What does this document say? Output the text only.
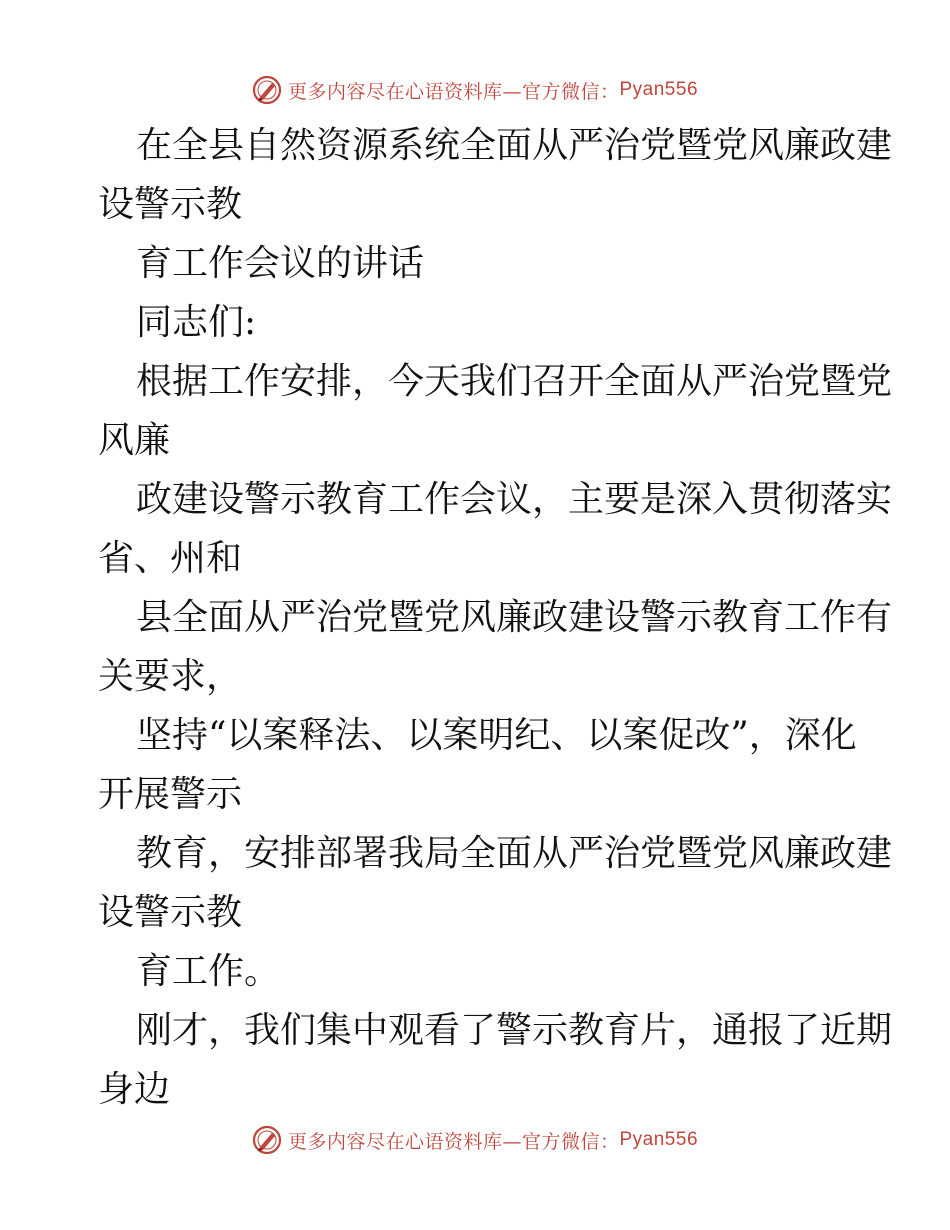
更多内容尽在心语资料库—官方微信： Pyan556
在全县自然资源系统全面从严治党暨党风廉政建
设警示教
育工作会议的讲话
同志们:
根据工作安排，今天我们召开全面从严治党暨党
风廉
政建设警示教育工作会议，主要是深入贯彻落实
省、州和
县全面从严治党暨党风廉政建设警示教育工作有
关要求，
坚持“以案释法、以案明纪、以案促改”，深化
开展警示
教育，安排部署我局全面从严治党暨党风廉政建
设警示教
育工作。
刚才，我们集中观看了警示教育片，通报了近期
身边
更多内容尽在心语资料库—官方微信： Pyan556
